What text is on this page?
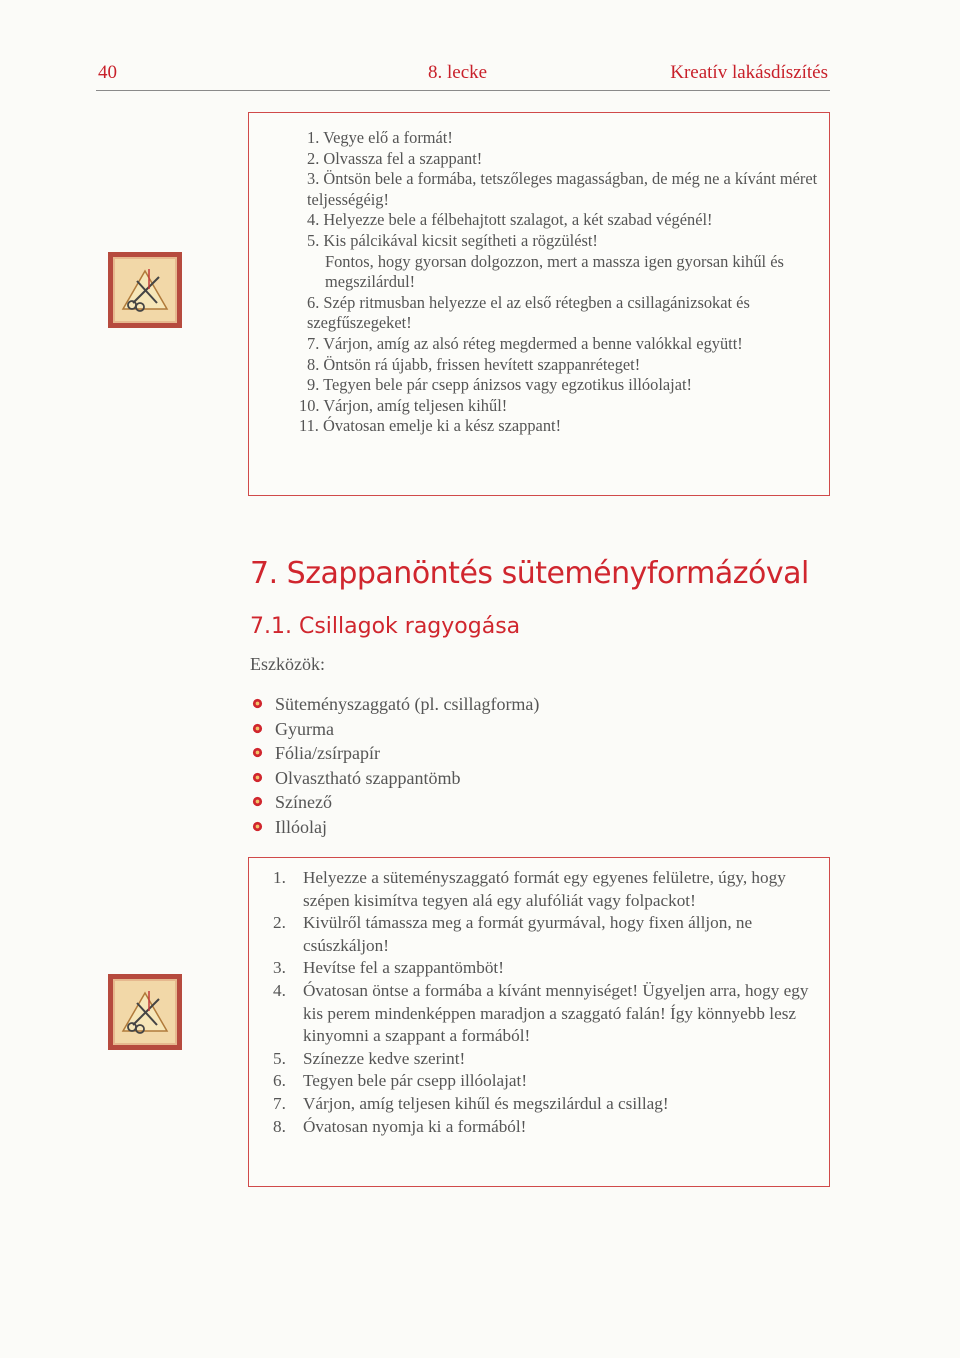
40	8. lecke	Kreatív lakásdíszítés
1. Vegye elő a formát!
2. Olvassza fel a szappant!
3. Öntsön bele a formába, tetszőleges magasságban, de még ne a kívánt méret teljességéig!
4. Helyezze bele a félbehajtott szalagot, a két szabad végénél!
5. Kis pálcikával kicsit segítheti a rögzülést!
Fontos, hogy gyorsan dolgozzon, mert a massza igen gyorsan kihűl és megszilárdul!
6. Szép ritmusban helyezze el az első rétegben a csillagánizsokat és szegfűszegeket!
7. Várjon, amíg az alsó réteg megdermed a benne valókkal együtt!
8. Öntsön rá újabb, frissen hevített szappanréteget!
9. Tegyen bele pár csepp ánizsos vagy egzotikus illóolajat!
10. Várjon, amíg teljesen kihűl!
11. Óvatosan emelje ki a kész szappant!
7. Szappanöntés süteményformázóval
7.1. Csillagok ragyogása
Eszközök:
Süteményszaggató (pl. csillagforma)
Gyurma
Fólia/zsírpapír
Olvasztható szappantömb
Színező
Illóolaj
1. Helyezze a süteményszaggató formát egy egyenes felületre, úgy, hogy szépen kisimítva tegyen alá egy alufóliát vagy folpackot!
2. Kivülről támassza meg a formát gyurmával, hogy fixen álljon, ne csúszkáljon!
3. Hevítse fel a szappantömböt!
4. Óvatosan öntse a formába a kívánt mennyiséget! Ügyeljen arra, hogy egy kis perem mindenképpen maradjon a szaggató falán! Így könnyebb lesz kinyomni a szappant a formából!
5. Színezze kedve szerint!
6. Tegyen bele pár csepp illóolajat!
7. Várjon, amíg teljesen kihűl és megszilárdul a csillag!
8. Óvatosan nyomja ki a formából!
